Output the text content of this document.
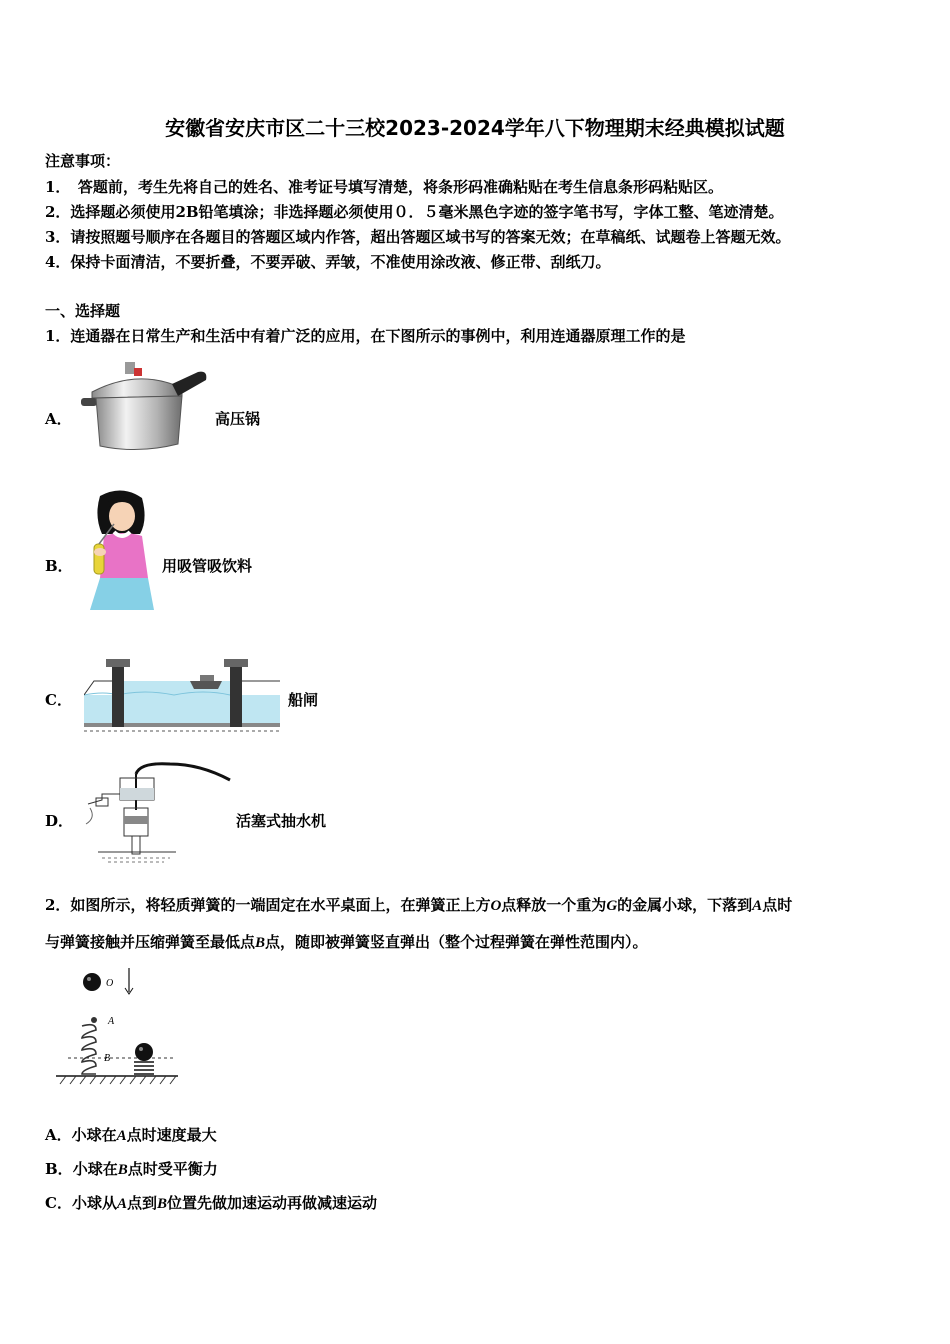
安徽省安庆市区二十三校2023-2024学年八下物理期末经典模拟试题
注意事项：
1．　答题前，考生先将自己的姓名、准考证号填写清楚，将条形码准确粘贴在考生信息条形码粘贴区。
2．选择题必须使用2B铅笔填涂；非选择题必须使用０．５毫米黑色字迹的签字笔书写，字体工整、笔迹清楚。
3．请按照题号顺序在各题目的答题区域内作答，超出答题区域书写的答案无效；在草稿纸、试题卷上答题无效。
4．保持卡面清洁，不要折叠，不要弄破、弄皱，不准使用涂改液、修正带、刮纸刀。
一、选择题
1．连通器在日常生产和生活中有着广泛的应用，在下图所示的事例中，利用连通器原理工作的是
A．	高压锅
B．	用吸管吸饮料
C．	船闸
D．	活塞式抽水机
2．如图所示，将轻质弹簧的一端固定在水平桌面上，在弹簧正上方O点释放一个重为G的金属小球，下落到A点时
与弹簧接触并压缩弹簧至最低点B点，随即被弹簧竖直弹出（整个过程弹簧在弹性范围内）。
O
A
B
A．小球在A点时速度最大
B．小球在B点时受平衡力
C．小球从A点到B位置先做加速运动再做减速运动
